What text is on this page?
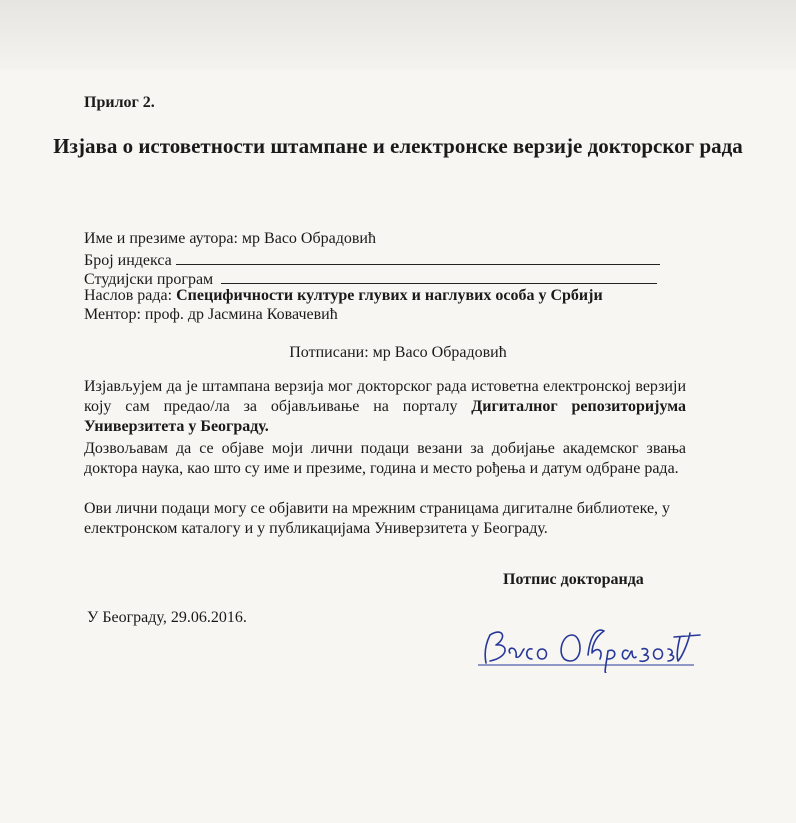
Прилог 2.
Изјава о истоветности штампане и електронске верзије докторског рада
Име и презиме аутора: мр Васо Обрадовић
Број индекса
Студијски програм
Наслов рада: Специфичности културе глувих и наглувих особа у Србији
Ментор: проф. др Јасмина Ковачевић
Потписани: мр Васо Обрадовић
Изјављујем да је штампана верзија мог докторског рада истоветна електронској верзији коју сам предао/ла за објављивање на порталу Дигиталног репозиторијума Универзитета у Београду.
Дозвољавам да се објаве моји лични подаци везани за добијање академског звања доктора наука, као што су име и презиме, година и место рођења и датум одбране рада.
Ови лични подаци могу се објавити на мрежним страницама дигиталне библиотеке, у електронском каталогу и у публикацијама Универзитета у Београду.
Потпис докторанда
У Београду, 29.06.2016.
